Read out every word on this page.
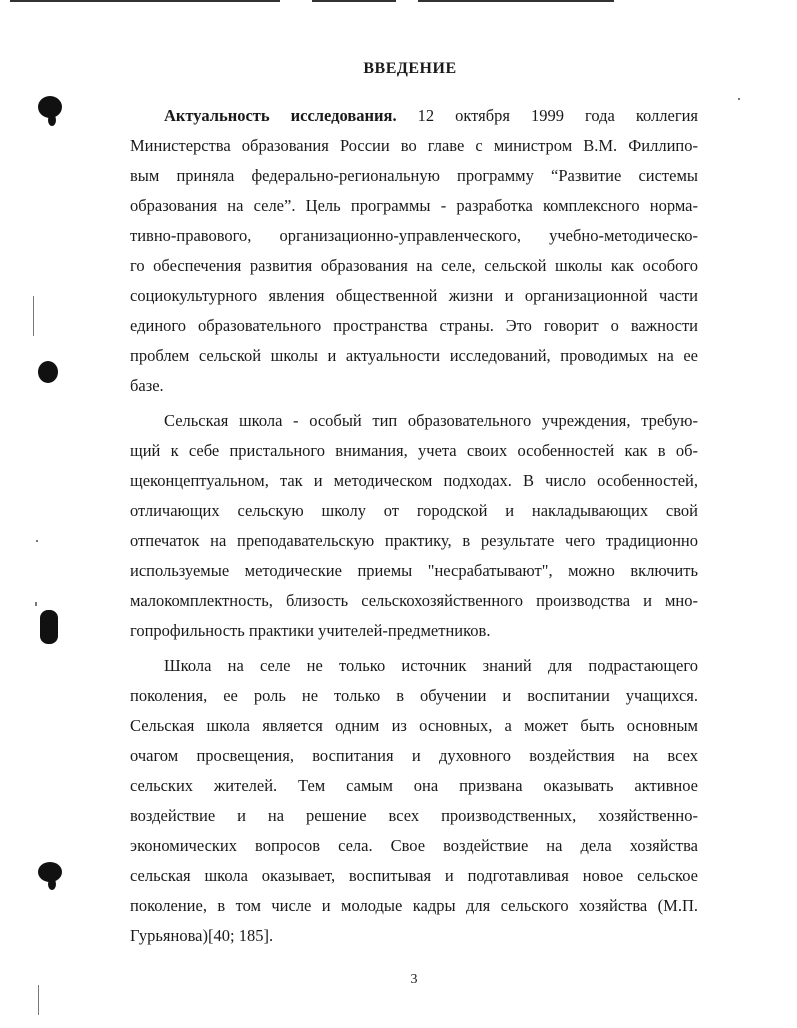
ВВЕДЕНИЕ
Актуальность исследования. 12 октября 1999 года коллегия
Министерства образования России во главе с министром В.М. Филлипо-
вым приняла федерально-региональную программу “Развитие системы
образования на селе”. Цель программы - разработка комплексного норма-
тивно-правового, организационно-управленческого, учебно-методическо-
го обеспечения развития образования на селе, сельской школы как особого
социокультурного явления общественной жизни и организационной части
единого образовательного пространства страны. Это говорит о важности
проблем сельской школы и актуальности исследований, проводимых на ее
базе.
Сельская школа - особый тип образовательного учреждения, требую-
щий к себе пристального внимания, учета своих особенностей как в об-
щеконцептуальном, так и методическом подходах. В число особенностей,
отличающих сельскую школу от городской и накладывающих свой
отпечаток на преподавательскую практику, в результате чего традиционно
используемые методические приемы "несрабатывают", можно включить
малокомплектность, близость сельскохозяйственного производства и мно-
гопрофильность практики учителей-предметников.
Школа на селе не только источник знаний для подрастающего
поколения, ее роль не только в обучении и воспитании учащихся.
Сельская школа является одним из основных, а может быть основным
очагом просвещения, воспитания и духовного воздействия на всех
сельских жителей. Тем самым она призвана оказывать активное
воздействие и на решение всех производственных, хозяйственно-
экономических вопросов села. Свое воздействие на дела хозяйства
сельская школа оказывает, воспитывая и подготавливая новое сельское
поколение, в том числе и молодые кадры для сельского хозяйства (М.П.
Гурьянова)[40; 185].
3
